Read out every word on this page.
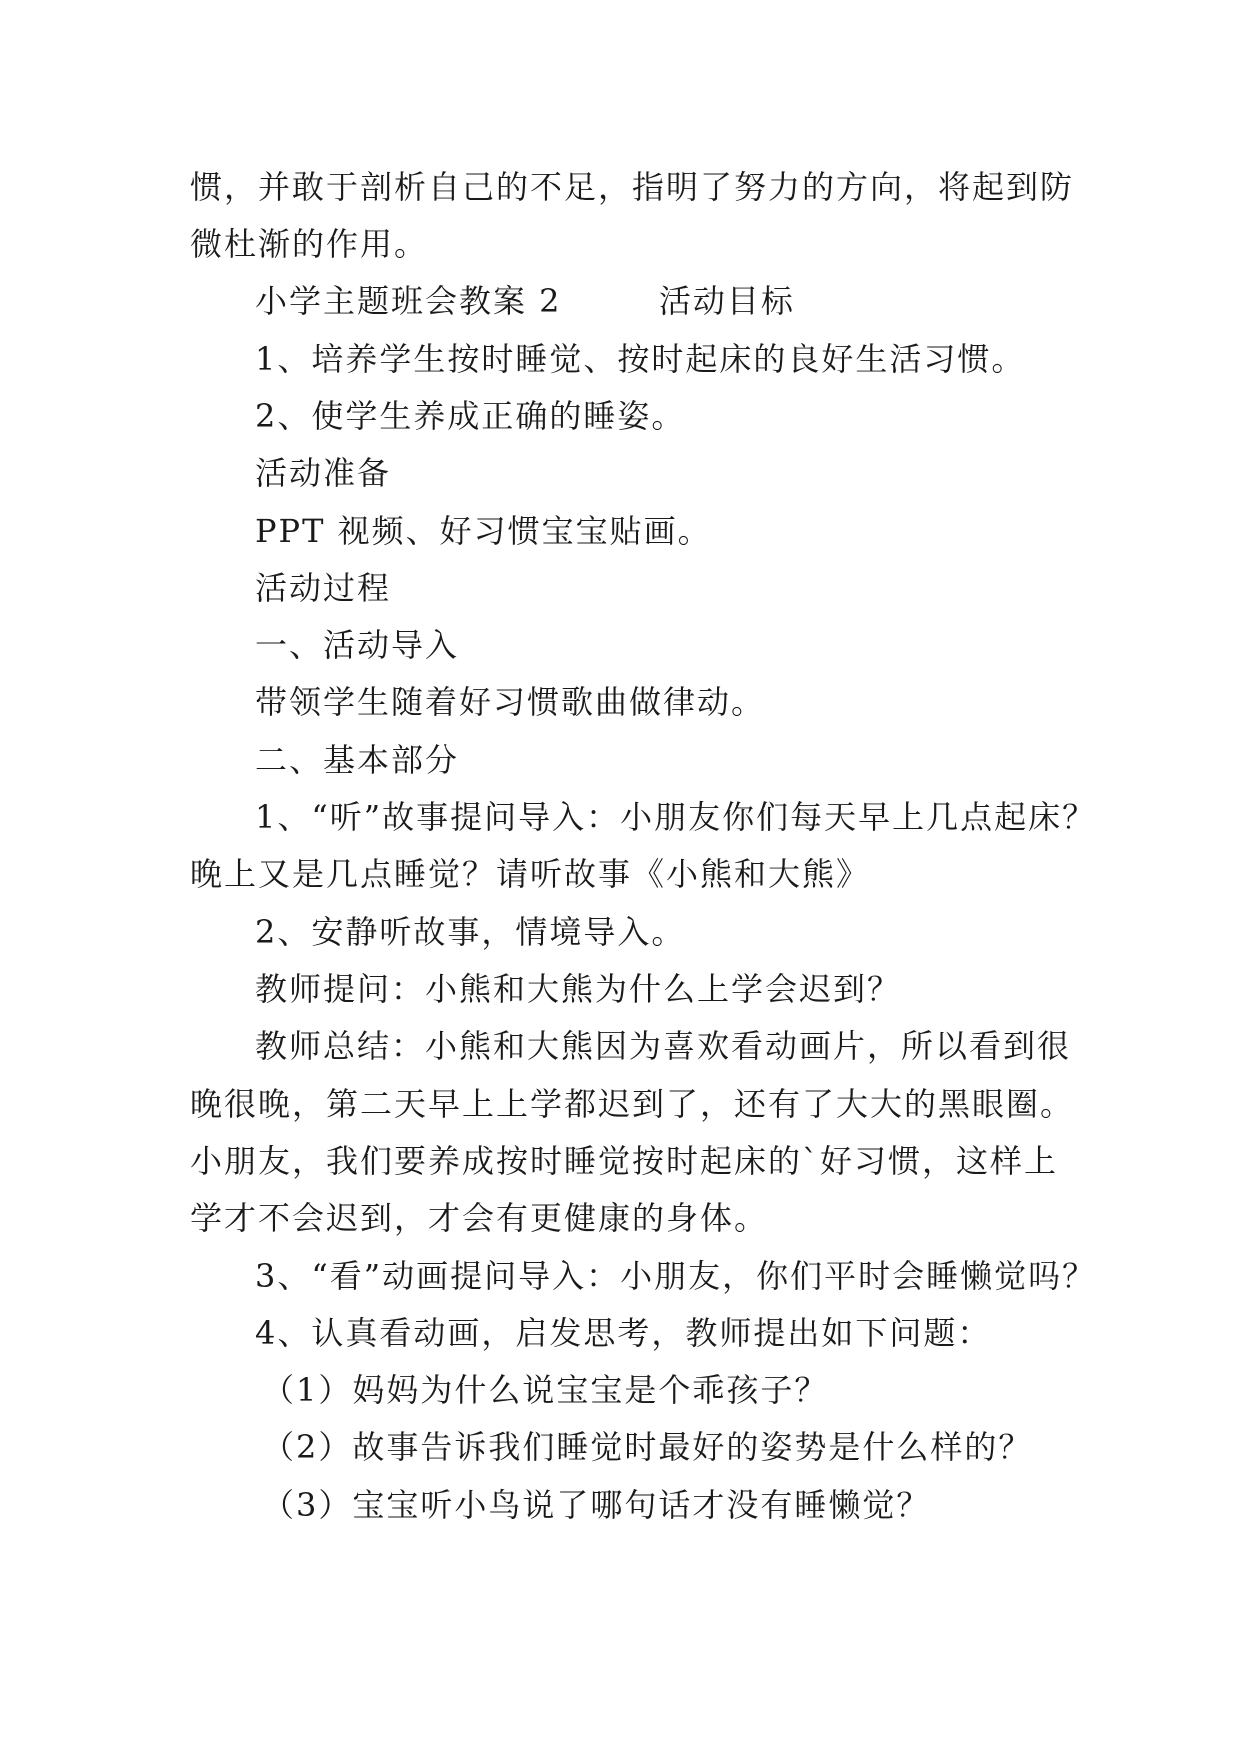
惯，并敢于剖析自己的不足，指明了努力的方向，将起到防
微杜渐的作用。
小学主题班会教案 2        活动目标
1、培养学生按时睡觉、按时起床的良好生活习惯。
2、使学生养成正确的睡姿。
活动准备
PPT 视频、好习惯宝宝贴画。
活动过程
一、活动导入
带领学生随着好习惯歌曲做律动。
二、基本部分
1、“听”故事提问导入：小朋友你们每天早上几点起床？
晚上又是几点睡觉？请听故事《小熊和大熊》
2、安静听故事，情境导入。
教师提问：小熊和大熊为什么上学会迟到？
教师总结：小熊和大熊因为喜欢看动画片，所以看到很
晚很晚，第二天早上上学都迟到了，还有了大大的黑眼圈。
小朋友，我们要养成按时睡觉按时起床的`好习惯，这样上
学才不会迟到，才会有更健康的身体。
3、“看”动画提问导入：小朋友，你们平时会睡懒觉吗？
4、认真看动画，启发思考，教师提出如下问题：
（1）妈妈为什么说宝宝是个乖孩子？
（2）故事告诉我们睡觉时最好的姿势是什么样的？
（3）宝宝听小鸟说了哪句话才没有睡懒觉？
